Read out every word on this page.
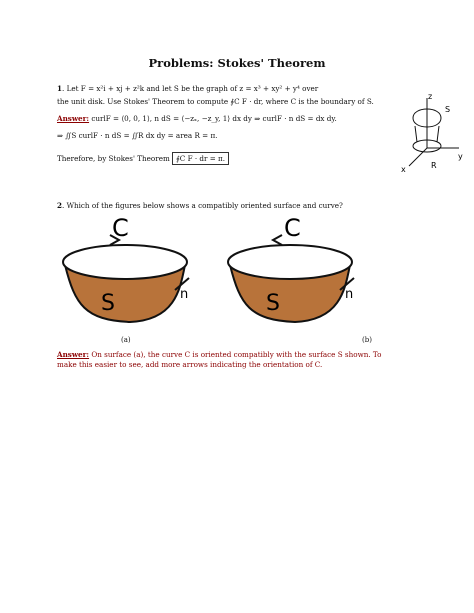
Problems: Stokes' Theorem
1. Let F = x²i + xj + z²k and let S be the graph of z = x³ + xy² + y⁴ over
the unit disk. Use Stokes' Theorem to compute ∮C F · dr, where C is the boundary of S.
Answer: curlF = ⟨0, 0, 1⟩, n dS = ⟨−zₓ, −z_y, 1⟩ dx dy ⇒ curlF · n dS = dx dy.
⇒ ∬S curlF · n dS = ∬R dx dy = area R = π.
Therefore, by Stokes' Theorem ∮C F · dr = π.
z
S
y
x	R
2. Which of the figures below shows a compatibly oriented surface and curve?
C
S	n
(a)
C
S	n
(b)
Answer: On surface (a), the curve C is oriented compatibly with the surface S shown. To
make this easier to see, add more arrows indicating the orientation of C.
